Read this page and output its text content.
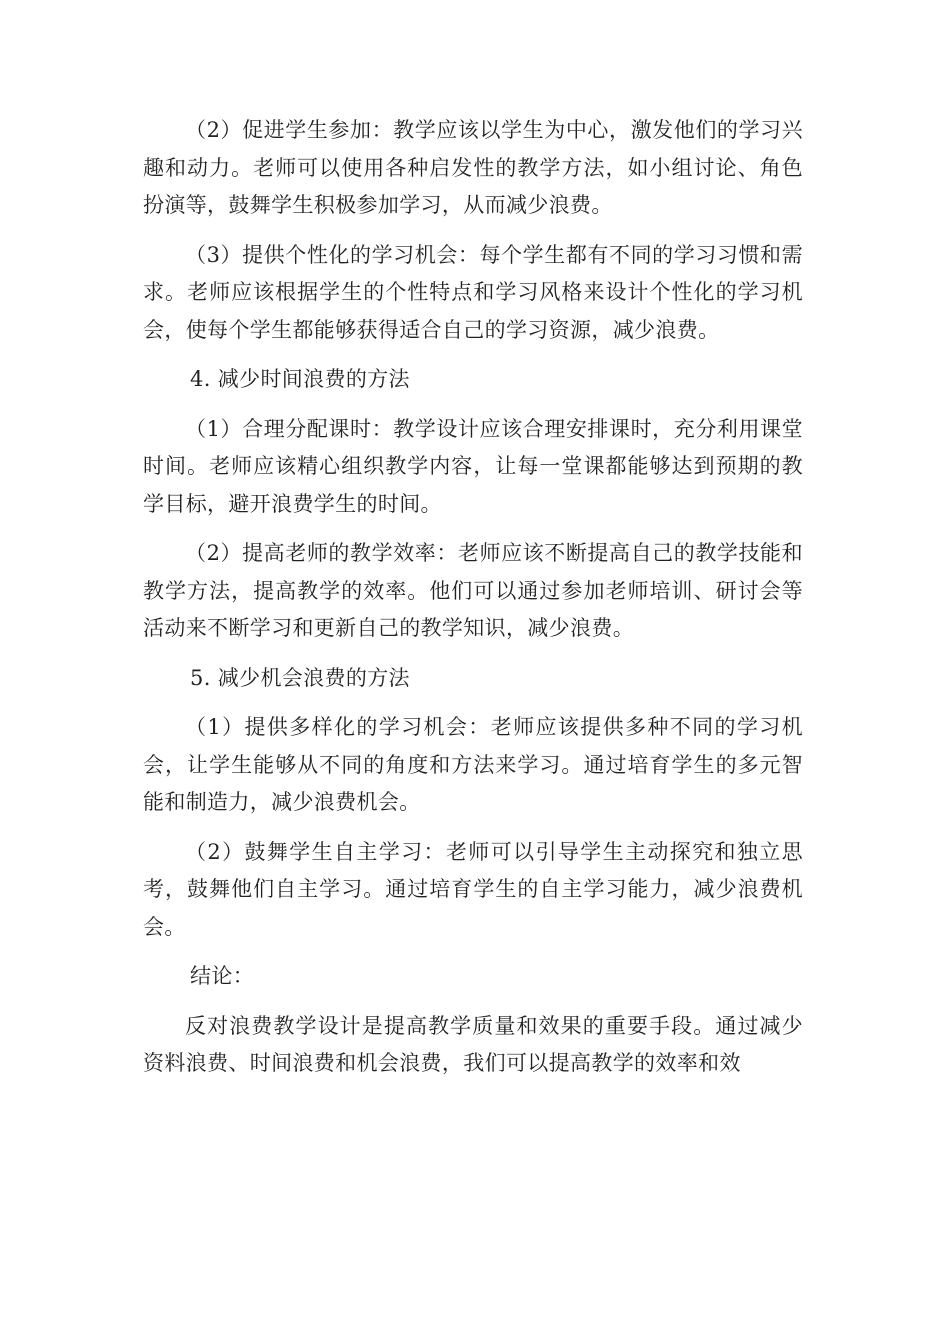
（2）促进学生参加：教学应该以学生为中心，激发他们的学习兴趣和动力。老师可以使用各种启发性的教学方法，如小组讨论、角色扮演等，鼓舞学生积极参加学习，从而减少浪费。

（3）提供个性化的学习机会：每个学生都有不同的学习习惯和需求。老师应该根据学生的个性特点和学习风格来设计个性化的学习机会，使每个学生都能够获得适合自己的学习资源，减少浪费。

4. 减少时间浪费的方法

（1）合理分配课时：教学设计应该合理安排课时，充分利用课堂时间。老师应该精心组织教学内容，让每一堂课都能够达到预期的教学目标，避开浪费学生的时间。

（2）提高老师的教学效率：老师应该不断提高自己的教学技能和教学方法，提高教学的效率。他们可以通过参加老师培训、研讨会等活动来不断学习和更新自己的教学知识，减少浪费。

5. 减少机会浪费的方法

（1）提供多样化的学习机会：老师应该提供多种不同的学习机会，让学生能够从不同的角度和方法来学习。通过培育学生的多元智能和制造力，减少浪费机会。

（2）鼓舞学生自主学习：老师可以引导学生主动探究和独立思考，鼓舞他们自主学习。通过培育学生的自主学习能力，减少浪费机会。

结论：

反对浪费教学设计是提高教学质量和效果的重要手段。通过减少资料浪费、时间浪费和机会浪费，我们可以提高教学的效率和效
